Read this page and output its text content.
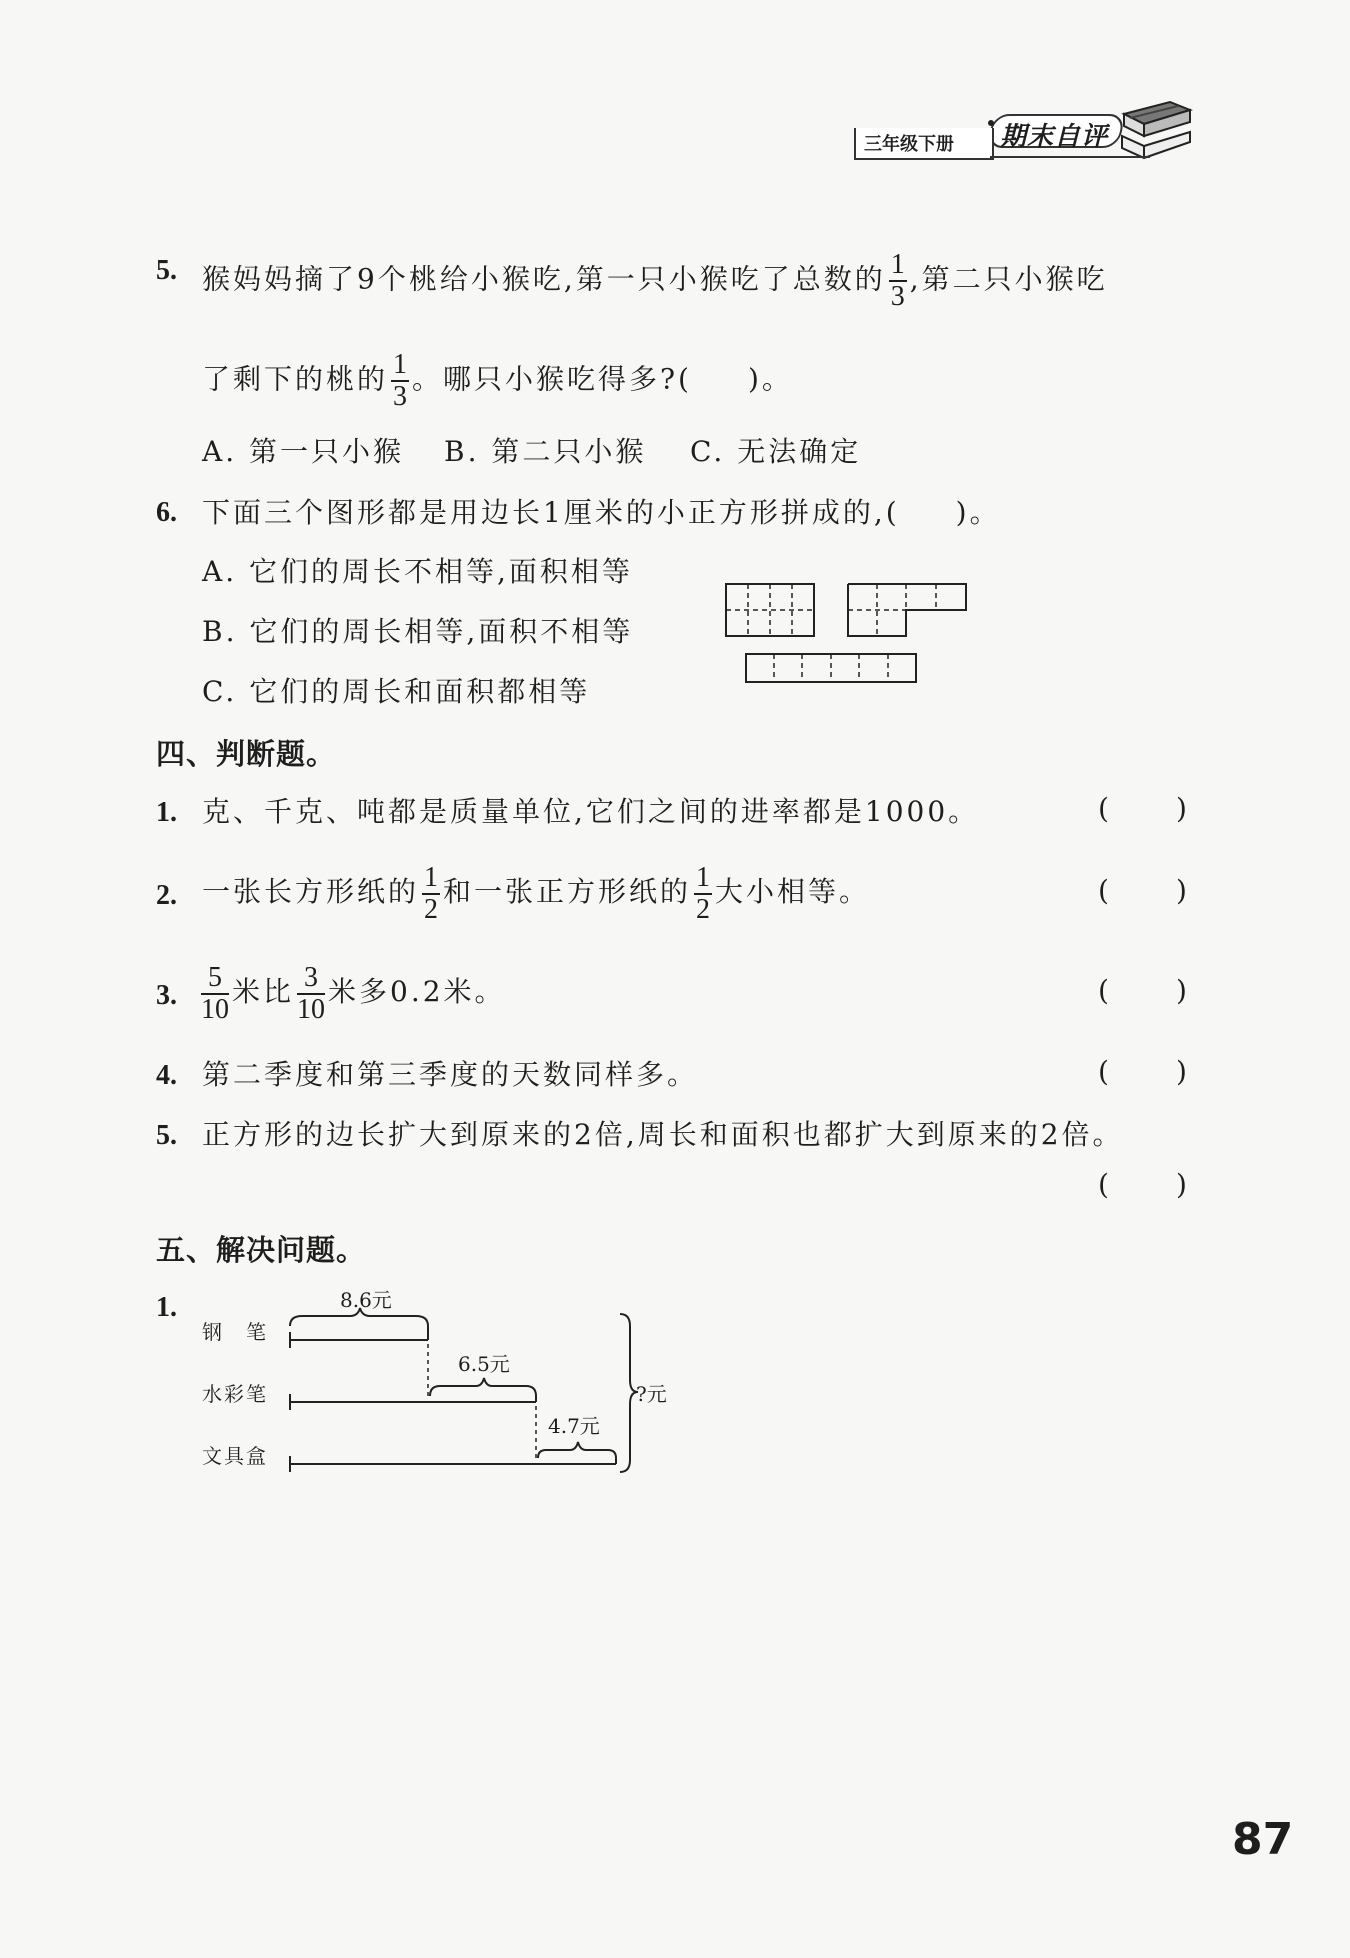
期末自评
三年级下册
5. 猴妈妈摘了9个桃给小猴吃,第一只小猴吃了总数的 $\frac{1}{3}$ ,第二只小猴吃
了剩下的桃的 $\frac{1}{3}$ 。哪只小猴吃得多?( )。
A. 第一只小猴 B. 第二只小猴 C. 无法确定
6. 下面三个图形都是用边长1厘米的小正方形拼成的,( )。
A. 它们的周长不相等,面积相等
B. 它们的周长相等,面积不相等
C. 它们的周长和面积都相等
四、判断题。
1. 克、千克、吨都是质量单位,它们之间的进率都是1000。
2. 一张长方形纸的 $\frac{1}{2}$ 和一张正方形纸的 $\frac{1}{2}$ 大小相等。
3. $\frac{5}{10}$ 米比 $\frac{3}{10}$ 米多0.2米。
4. 第二季度和第三季度的天数同样多。
5. 正方形的边长扩大到原来的2倍,周长和面积也都扩大到原来的2倍。
( )
( )
( )
( )
( )
五、解决问题。
1.
钢　笔
水彩笔
文具盒
8.6元
6.5元
4.7元
?元
87
